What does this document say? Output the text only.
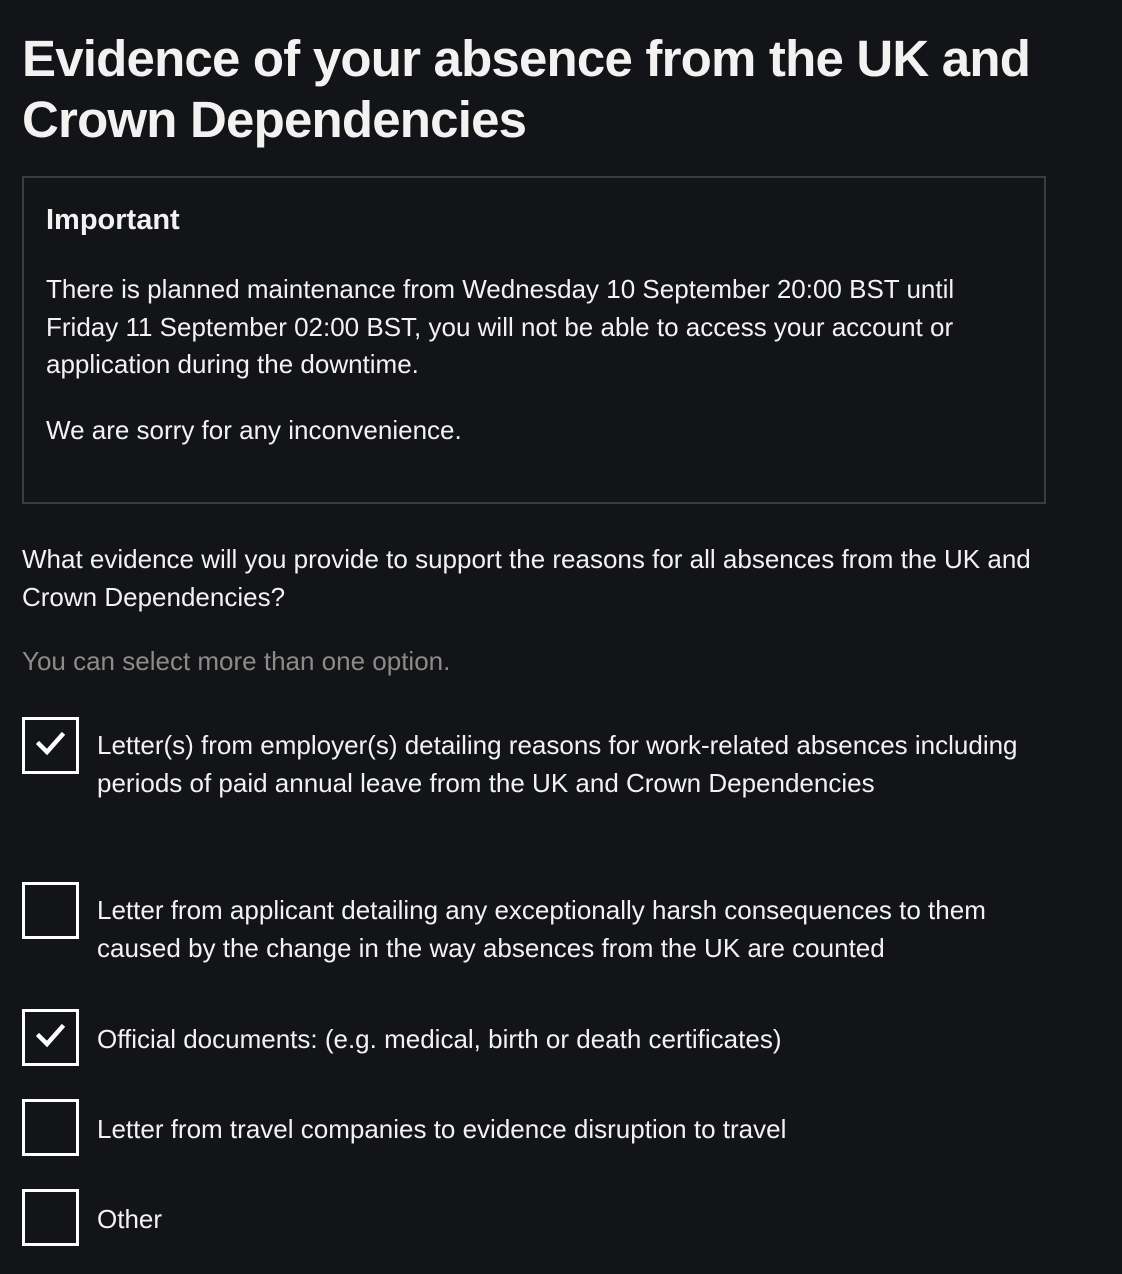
Evidence of your absence from the UK and Crown Dependencies
Important

There is planned maintenance from Wednesday 10 September 20:00 BST until Friday 11 September 02:00 BST, you will not be able to access your account or application during the downtime.

We are sorry for any inconvenience.

What evidence will you provide to support the reasons for all absences from the UK and Crown Dependencies?

You can select more than one option.

Letter(s) from employer(s) detailing reasons for work-related absences including periods of paid annual leave from the UK and Crown Dependencies

Letter from applicant detailing any exceptionally harsh consequences to them caused by the change in the way absences from the UK are counted

Official documents: (e.g. medical, birth or death certificates)

Letter from travel companies to evidence disruption to travel

Other
